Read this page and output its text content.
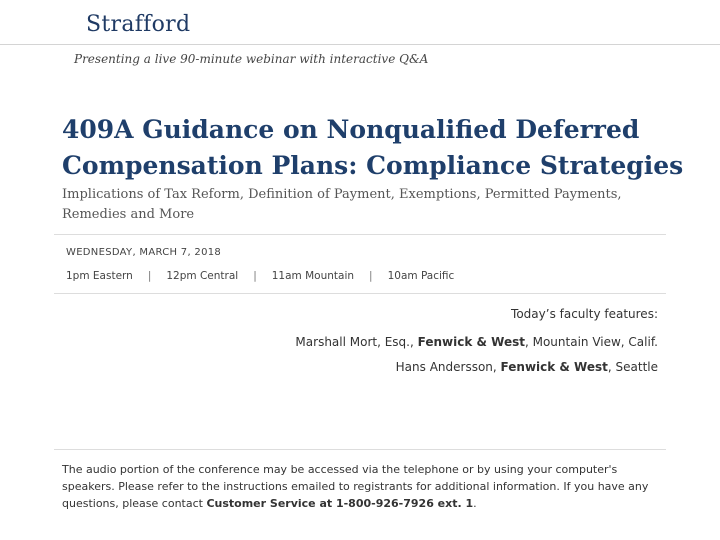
Strafford
Presenting a live 90-minute webinar with interactive Q&A
409A Guidance on Nonqualified Deferred Compensation Plans: Compliance Strategies
Implications of Tax Reform, Definition of Payment, Exemptions, Permitted Payments, Remedies and More
WEDNESDAY, MARCH 7, 2018
1pm Eastern | 12pm Central | 11am Mountain | 10am Pacific
Today’s faculty features:
Marshall Mort, Esq., Fenwick & West, Mountain View, Calif.
Hans Andersson, Fenwick & West, Seattle
The audio portion of the conference may be accessed via the telephone or by using your computer's speakers. Please refer to the instructions emailed to registrants for additional information. If you have any questions, please contact Customer Service at 1-800-926-7926 ext. 1.
